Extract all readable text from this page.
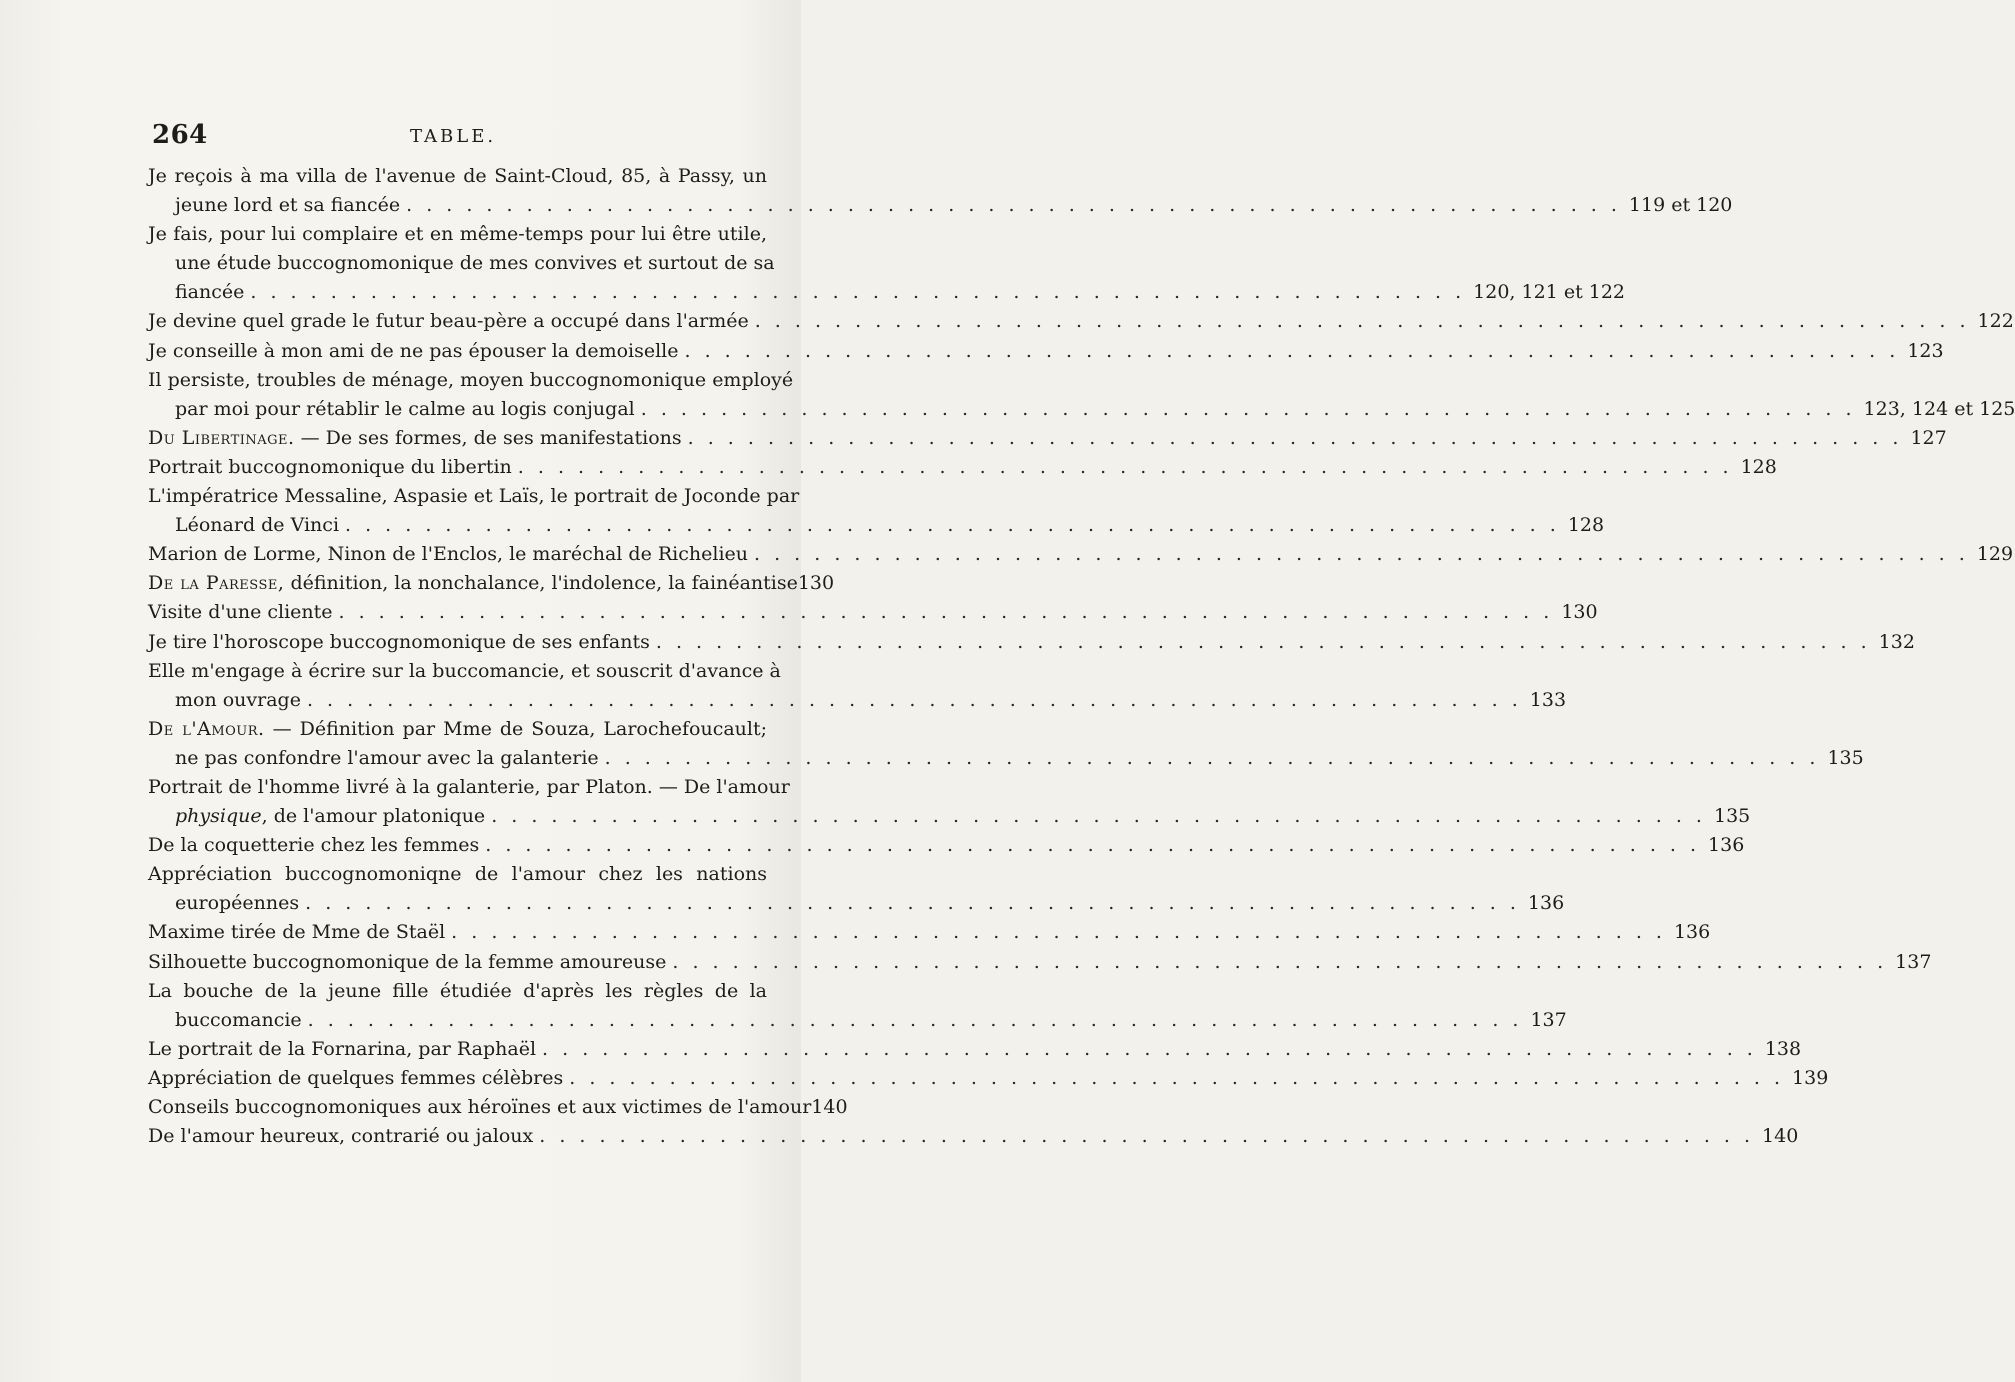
264	TABLE.
Je reçois à ma villa de l'avenue de Saint-Cloud, 85, à Passy, un
jeune lord et sa fiancée . . .	119 et 120
Je fais, pour lui complaire et en même-temps pour lui être utile,
une étude buccognomonique de mes convives et surtout de sa
fiancée . . .	120, 121 et 122
Je devine quel grade le futur beau-père a occupé dans l'armée . . .	122
Je conseille à mon ami de ne pas épouser la demoiselle . . .	123
Il persiste, troubles de ménage, moyen buccognomonique employé
par moi pour rétablir le calme au logis conjugal . . .	123, 124 et 125
Du Libertinage. — De ses formes, de ses manifestations . . .	127
Portrait buccognomonique du libertin . . .	128
L'impératrice Messaline, Aspasie et Laïs, le portrait de Joconde par
Léonard de Vinci . . .	128
Marion de Lorme, Ninon de l'Enclos, le maréchal de Richelieu . . .	129
De la Paresse, définition, la nonchalance, l'indolence, la fainéantise 130
Visite d'une cliente . . .	130
Je tire l'horoscope buccognomonique de ses enfants . . .	132
Elle m'engage à écrire sur la buccomancie, et souscrit d'avance à
mon ouvrage . . .	133
De l'Amour. — Définition par Mme de Souza, Larochefoucault;
ne pas confondre l'amour avec la galanterie . . .	135
Portrait de l'homme livré à la galanterie, par Platon. — De l'amour
physique, de l'amour platonique . . .	135
De la coquetterie chez les femmes . . .	136
Appréciation buccognomoniqne de l'amour chez les nations
européennes . . .	136
Maxime tirée de Mme de Staël . . .	136
Silhouette buccognomonique de la femme amoureuse . . .	137
La bouche de la jeune fille étudiée d'après les règles de la
buccomancie . . .	137
Le portrait de la Fornarina, par Raphaël . . .	138
Appréciation de quelques femmes célèbres . . .	139
Conseils buccognomoniques aux héroïnes et aux victimes de l'amour 140
De l'amour heureux, contrarié ou jaloux . . .	140
